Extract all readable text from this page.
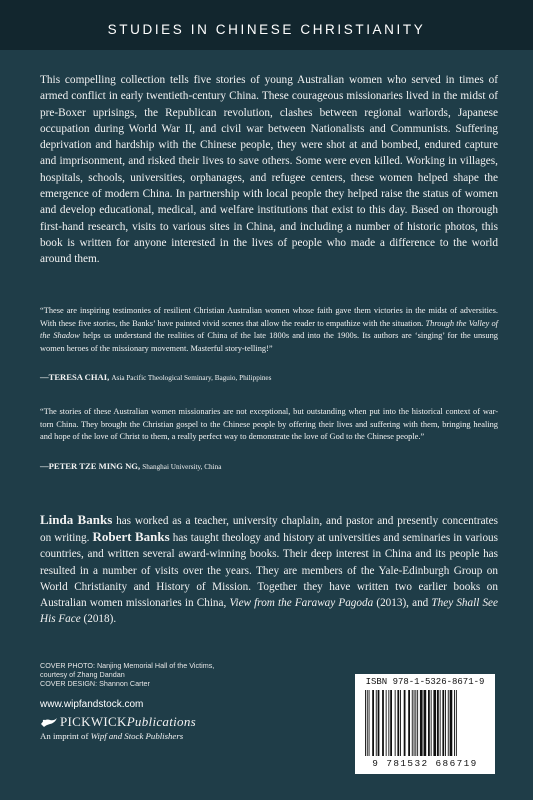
STUDIES IN CHINESE CHRISTIANITY

This compelling collection tells five stories of young Australian women who served in times of armed conflict in early twentieth-century China. These courageous missionaries lived in the midst of pre-Boxer uprisings, the Republican revolution, clashes between regional warlords, Japanese occupation during World War II, and civil war between Nationalists and Communists. Suffering deprivation and hardship with the Chinese people, they were shot at and bombed, endured capture and imprisonment, and risked their lives to save others. Some were even killed. Working in villages, hospitals, schools, universities, orphanages, and refugee centers, these women helped shape the emergence of modern China. In partnership with local people they helped raise the status of women and develop educational, medical, and welfare institutions that exist to this day. Based on thorough first-hand research, visits to various sites in China, and including a number of historic photos, this book is written for anyone interested in the lives of people who made a difference to the world around them.

“These are inspiring testimonies of resilient Christian Australian women whose faith gave them victories in the midst of adversities. With these five stories, the Banks’ have painted vivid scenes that allow the reader to empathize with the situation. Through the Valley of the Shadow helps us understand the realities of China of the late 1800s and into the 1900s. Its authors are ‘singing’ for the unsung women heroes of the missionary movement. Masterful story-telling!”

—TERESA CHAI, Asia Pacific Theological Seminary, Baguio, Philippines

“The stories of these Australian women missionaries are not exceptional, but outstanding when put into the historical context of war-torn China. They brought the Christian gospel to the Chinese people by offering their lives and suffering with them, bringing healing and hope of the love of Christ to them, a really perfect way to demonstrate the love of God to the Chinese people.”

—PETER TZE MING NG, Shanghai University, China

Linda Banks has worked as a teacher, university chaplain, and pastor and presently concentrates on writing. Robert Banks has taught theology and history at universities and seminaries in various countries, and written several award-winning books. Their deep interest in China and its people has resulted in a number of visits over the years. They are members of the Yale-Edinburgh Group on World Christianity and History of Mission. Together they have written two earlier books on Australian women missionaries in China, View from the Faraway Pagoda (2013), and They Shall See His Face (2018).

COVER PHOTO: Nanjing Memorial Hall of the Victims,
courtesy of Zhang Dandan
COVER DESIGN: Shannon Carter
www.wipfandstock.com
PICKWICK Publications
An imprint of Wipf and Stock Publishers
ISBN 978-1-5326-8671-9
9 781532 686719
